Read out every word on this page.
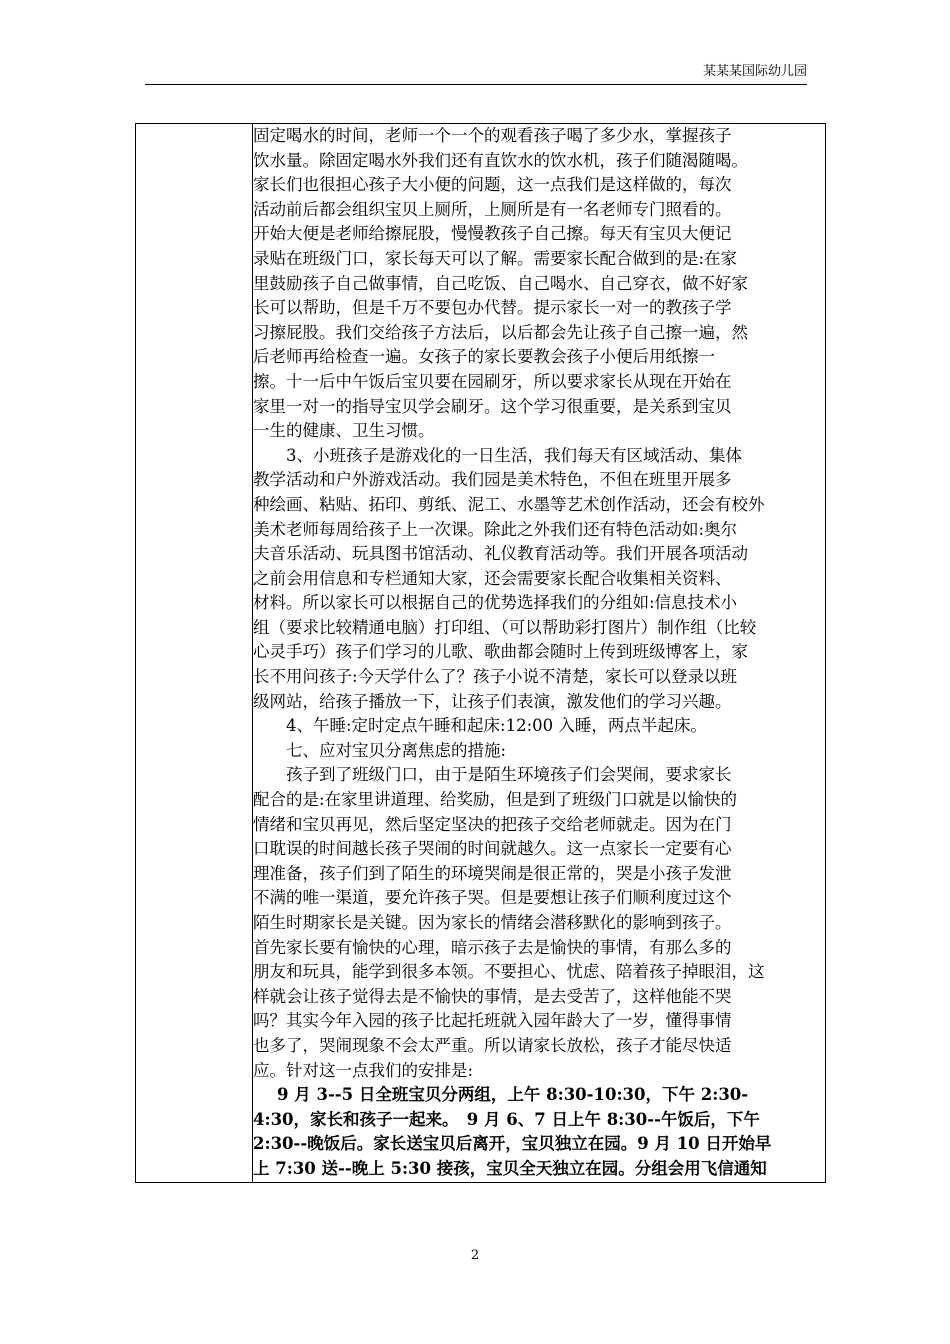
某某某国际幼儿园

固定喝水的时间，老师一个一个的观看孩子喝了多少水，掌握孩子
饮水量。除固定喝水外我们还有直饮水的饮水机，孩子们随渴随喝。
家长们也很担心孩子大小便的问题，这一点我们是这样做的，每次
活动前后都会组织宝贝上厕所，上厕所是有一名老师专门照看的。
开始大便是老师给擦屁股，慢慢教孩子自己擦。每天有宝贝大便记
录贴在班级门口，家长每天可以了解。需要家长配合做到的是:在家
里鼓励孩子自己做事情，自己吃饭、自己喝水、自己穿衣，做不好家
长可以帮助，但是千万不要包办代替。提示家长一对一的教孩子学
习擦屁股。我们交给孩子方法后，以后都会先让孩子自己擦一遍，然
后老师再给检查一遍。女孩子的家长要教会孩子小便后用纸擦一
擦。十一后中午饭后宝贝要在园刷牙，所以要求家长从现在开始在
家里一对一的指导宝贝学会刷牙。这个学习很重要，是关系到宝贝
一生的健康、卫生习惯。
3、小班孩子是游戏化的一日生活，我们每天有区域活动、集体
教学活动和户外游戏活动。我们园是美术特色，不但在班里开展多
种绘画、粘贴、拓印、剪纸、泥工、水墨等艺术创作活动，还会有校外
美术老师每周给孩子上一次课。除此之外我们还有特色活动如:奥尔
夫音乐活动、玩具图书馆活动、礼仪教育活动等。我们开展各项活动
之前会用信息和专栏通知大家，还会需要家长配合收集相关资料、
材料。所以家长可以根据自己的优势选择我们的分组如:信息技术小
组（要求比较精通电脑）打印组、（可以帮助彩打图片）制作组（比较
心灵手巧）孩子们学习的儿歌、歌曲都会随时上传到班级博客上，家
长不用问孩子:今天学什么了？孩子小说不清楚，家长可以登录以班
级网站，给孩子播放一下，让孩子们表演，激发他们的学习兴趣。
4、午睡:定时定点午睡和起床:12:00 入睡，两点半起床。
七、应对宝贝分离焦虑的措施:
孩子到了班级门口，由于是陌生环境孩子们会哭闹，要求家长
配合的是:在家里讲道理、给奖励，但是到了班级门口就是以愉快的
情绪和宝贝再见，然后坚定坚决的把孩子交给老师就走。因为在门
口耽误的时间越长孩子哭闹的时间就越久。这一点家长一定要有心
理准备，孩子们到了陌生的环境哭闹是很正常的，哭是小孩子发泄
不满的唯一渠道，要允许孩子哭。但是要想让孩子们顺利度过这个
陌生时期家长是关键。因为家长的情绪会潜移默化的影响到孩子。
首先家长要有愉快的心理，暗示孩子去是愉快的事情，有那么多的
朋友和玩具，能学到很多本领。不要担心、忧虑、陪着孩子掉眼泪，这
样就会让孩子觉得去是不愉快的事情，是去受苦了，这样他能不哭
吗？其实今年入园的孩子比起托班就入园年龄大了一岁，懂得事情
也多了，哭闹现象不会太严重。所以请家长放松，孩子才能尽快适
应。针对这一点我们的安排是:
9 月 3--5 日全班宝贝分两组，上午 8:30-10:30，下午 2:30-
4:30，家长和孩子一起来。　9 月 6、7 日上午 8:30--午饭后，下午
2:30--晚饭后。家长送宝贝后离开，宝贝独立在园。9 月 10 日开始早
上 7:30 送--晚上 5:30 接孩，宝贝全天独立在园。分组会用飞信通知
2
